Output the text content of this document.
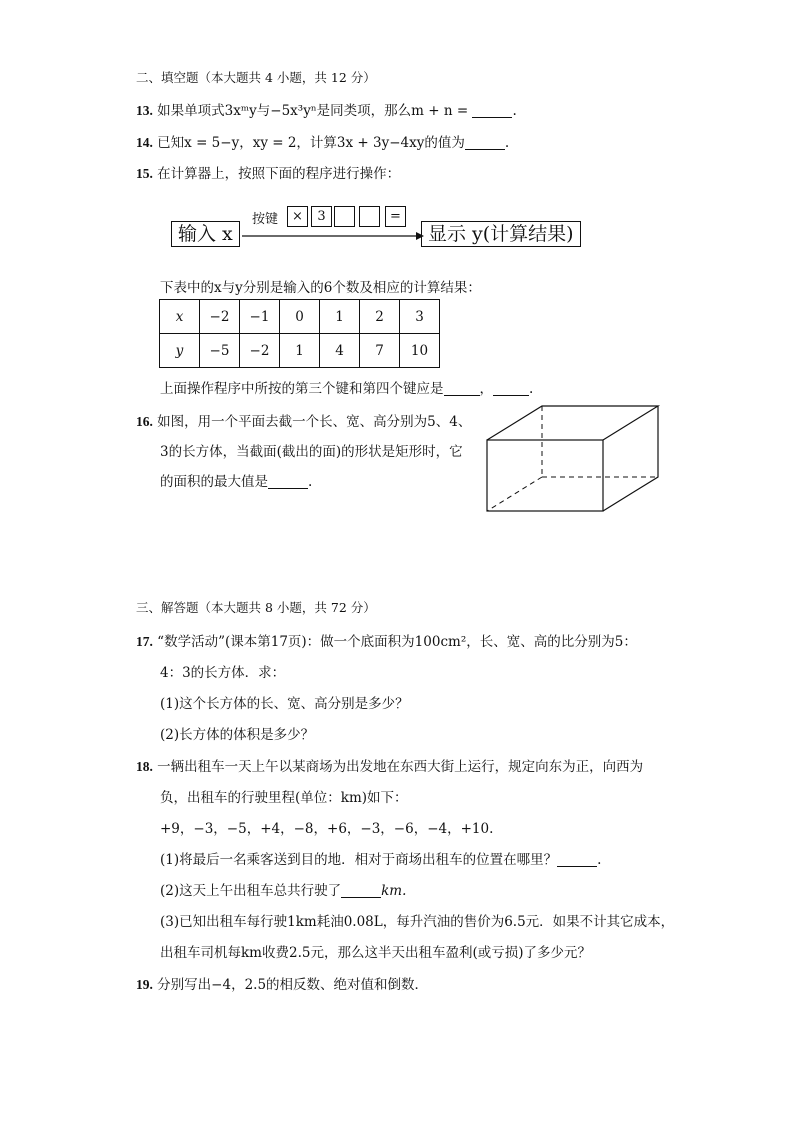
二、填空题（本大题共 4 小题，共 12 分）
13. 如果单项式3xᵐy与−5x³yⁿ是同类项，那么m + n =	.
14. 已知x = 5−y，xy = 2，计算3x + 3y−4xy的值为	.
15. 在计算器上，按照下面的程序进行操作：
输入 x
按键	×	3	=
显示 y(计算结果)
下表中的x与y分别是输入的6个数及相应的计算结果：
x	−2	−1	0	1	2	3
y	−5	−2	1	4	7	10
上面操作程序中所按的第三个键和第四个键应是	，	.
16. 如图，用一个平面去截一个长、宽、高分别为5、4、
3的长方体，当截面(截出的面)的形状是矩形时，它
的面积的最大值是	.
三、解答题（本大题共 8 小题，共 72 分）
17. “数学活动”(课本第17页)：做一个底面积为100cm²，长、宽、高的比分别为5：
4：3的长方体．求：
(1)这个长方体的长、宽、高分别是多少？
(2)长方体的体积是多少？
18. 一辆出租车一天上午以某商场为出发地在东西大街上运行，规定向东为正，向西为
负，出租车的行驶里程(单位：km)如下：
+9，−3，−5，+4，−8，+6，−3，−6，−4，+10.
(1)将最后一名乘客送到目的地．相对于商场出租车的位置在哪里？	.
(2)这天上午出租车总共行驶了	km.
(3)已知出租车每行驶1km耗油0.08L，每升汽油的售价为6.5元．如果不计其它成本，
出租车司机每km收费2.5元，那么这半天出租车盈利(或亏损)了多少元？
19. 分别写出−4，2.5的相反数、绝对值和倒数．
